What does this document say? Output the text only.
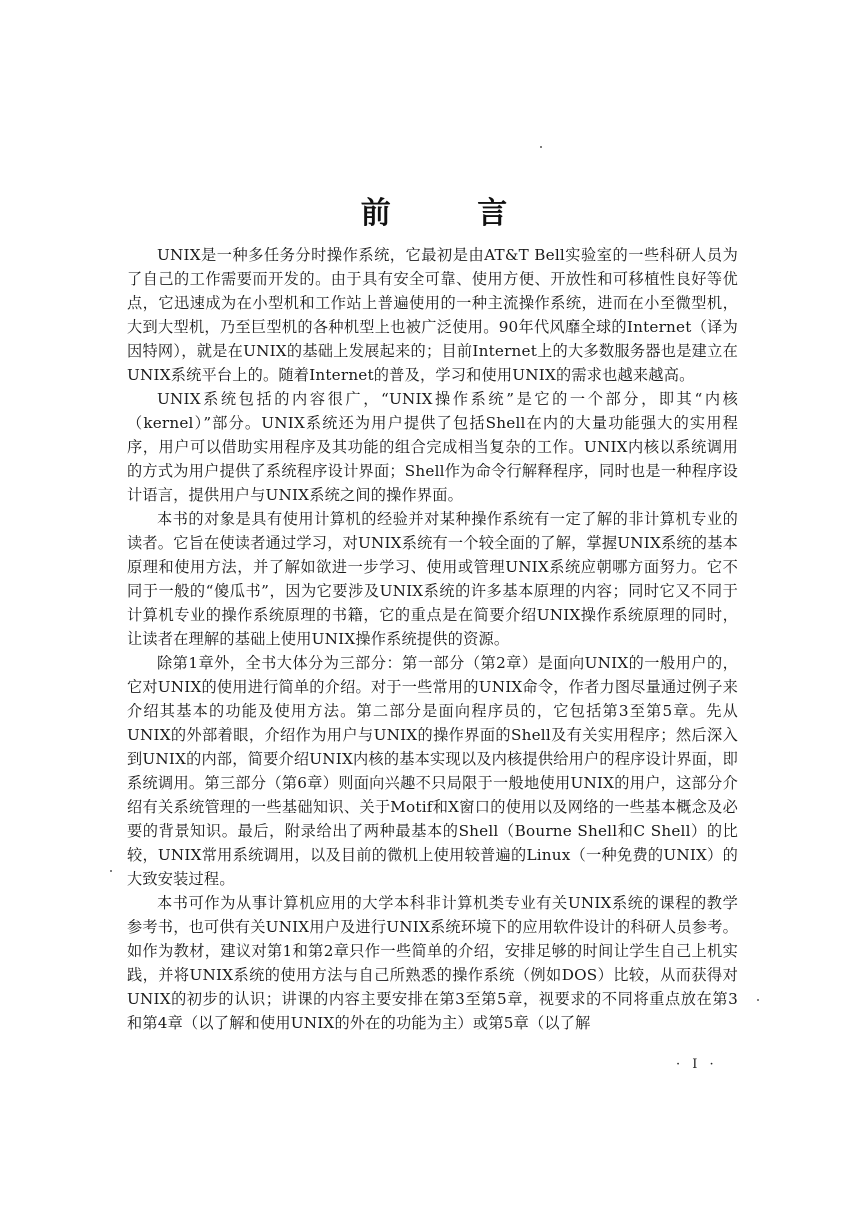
前 言

UNIX是一种多任务分时操作系统，它最初是由AT&T Bell实验室的一些科研人员为了自己的工作需要而开发的。由于具有安全可靠、使用方便、开放性和可移植性良好等优点，它迅速成为在小型机和工作站上普遍使用的一种主流操作系统，进而在小至微型机，大到大型机，乃至巨型机的各种机型上也被广泛使用。90年代风靡全球的Internet（译为因特网），就是在UNIX的基础上发展起来的；目前Internet上的大多数服务器也是建立在UNIX系统平台上的。随着Internet的普及，学习和使用UNIX的需求也越来越高。

UNIX系统包括的内容很广，“UNIX操作系统”是它的一个部分，即其“内核（kernel）”部分。UNIX系统还为用户提供了包括Shell在内的大量功能强大的实用程序，用户可以借助实用程序及其功能的组合完成相当复杂的工作。UNIX内核以系统调用的方式为用户提供了系统程序设计界面；Shell作为命令行解释程序，同时也是一种程序设计语言，提供用户与UNIX系统之间的操作界面。

本书的对象是具有使用计算机的经验并对某种操作系统有一定了解的非计算机专业的读者。它旨在使读者通过学习，对UNIX系统有一个较全面的了解，掌握UNIX系统的基本原理和使用方法，并了解如欲进一步学习、使用或管理UNIX系统应朝哪方面努力。它不同于一般的“傻瓜书”，因为它要涉及UNIX系统的许多基本原理的内容；同时它又不同于计算机专业的操作系统原理的书籍，它的重点是在简要介绍UNIX操作系统原理的同时，让读者在理解的基础上使用UNIX操作系统提供的资源。

除第1章外，全书大体分为三部分：第一部分（第2章）是面向UNIX的一般用户的，它对UNIX的使用进行简单的介绍。对于一些常用的UNIX命令，作者力图尽量通过例子来介绍其基本的功能及使用方法。第二部分是面向程序员的，它包括第3至第5章。先从UNIX的外部着眼，介绍作为用户与UNIX的操作界面的Shell及有关实用程序；然后深入到UNIX的内部，简要介绍UNIX内核的基本实现以及内核提供给用户的程序设计界面，即系统调用。第三部分（第6章）则面向兴趣不只局限于一般地使用UNIX的用户，这部分介绍有关系统管理的一些基础知识、关于Motif和X窗口的使用以及网络的一些基本概念及必要的背景知识。最后，附录给出了两种最基本的Shell（Bourne Shell和C Shell）的比较，UNIX常用系统调用，以及目前的微机上使用较普遍的Linux（一种免费的UNIX）的大致安装过程。

本书可作为从事计算机应用的大学本科非计算机类专业有关UNIX系统的课程的教学参考书，也可供有关UNIX用户及进行UNIX系统环境下的应用软件设计的科研人员参考。如作为教材，建议对第1和第2章只作一些简单的介绍，安排足够的时间让学生自己上机实践，并将UNIX系统的使用方法与自己所熟悉的操作系统（例如DOS）比较，从而获得对UNIX的初步的认识；讲课的内容主要安排在第3至第5章，视要求的不同将重点放在第3和第4章（以了解和使用UNIX的外在的功能为主）或第5章（以了解

· I ·
